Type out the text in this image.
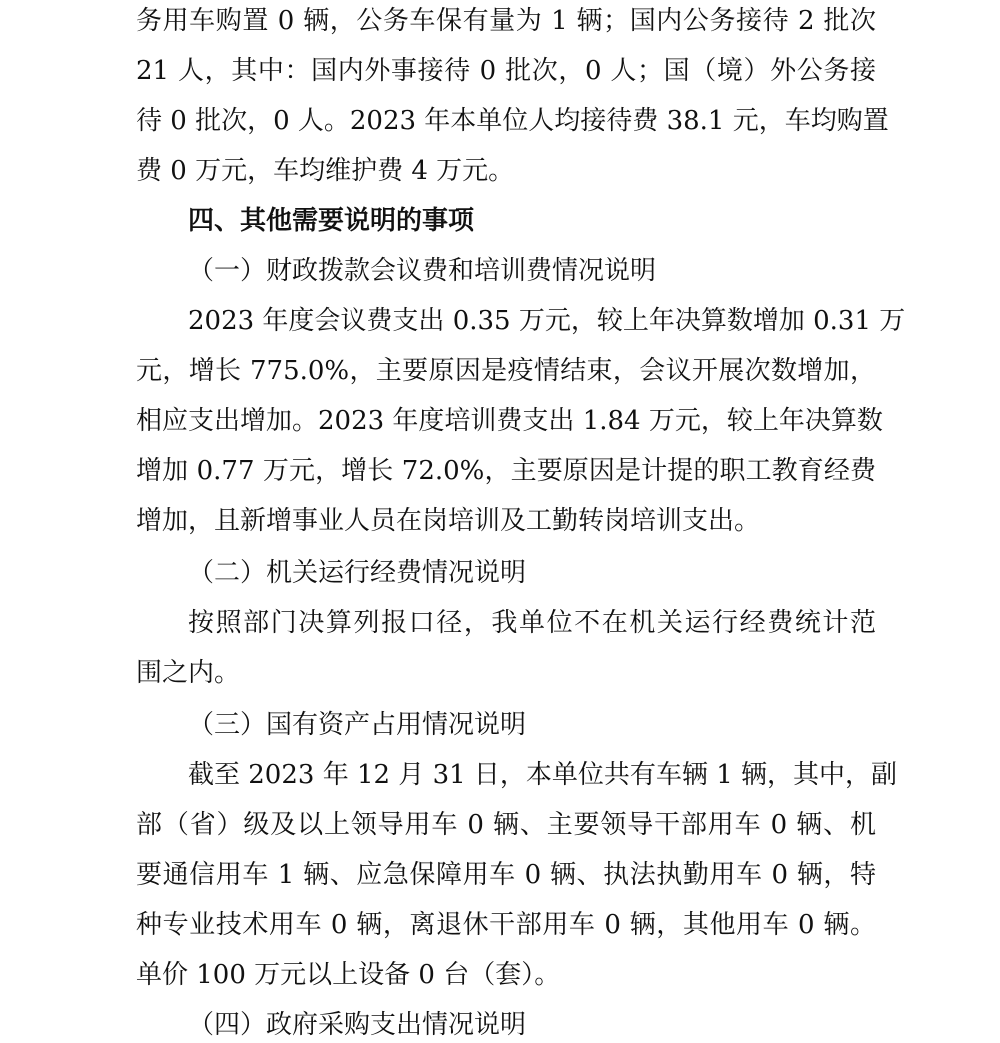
务用车购置 0 辆，公务车保有量为 1 辆；国内公务接待 2 批次
21 人，其中：国内外事接待 0 批次，0 人；国（境）外公务接
待 0 批次，0 人。2023 年本单位人均接待费 38.1 元，车均购置
费 0 万元，车均维护费 4 万元。
四、其他需要说明的事项
（一）财政拨款会议费和培训费情况说明
2023 年度会议费支出 0.35 万元，较上年决算数增加 0.31 万
元，增长 775.0%，主要原因是疫情结束，会议开展次数增加，
相应支出增加。2023 年度培训费支出 1.84 万元，较上年决算数
增加 0.77 万元，增长 72.0%，主要原因是计提的职工教育经费
增加，且新增事业人员在岗培训及工勤转岗培训支出。
（二）机关运行经费情况说明
按照部门决算列报口径，我单位不在机关运行经费统计范
围之内。
（三）国有资产占用情况说明
截至 2023 年 12 月 31 日，本单位共有车辆 1 辆，其中，副
部（省）级及以上领导用车 0 辆、主要领导干部用车 0 辆、机
要通信用车 1 辆、应急保障用车 0 辆、执法执勤用车 0 辆，特
种专业技术用车 0 辆，离退休干部用车 0 辆，其他用车 0 辆。
单价 100 万元以上设备 0 台（套）。
（四）政府采购支出情况说明
